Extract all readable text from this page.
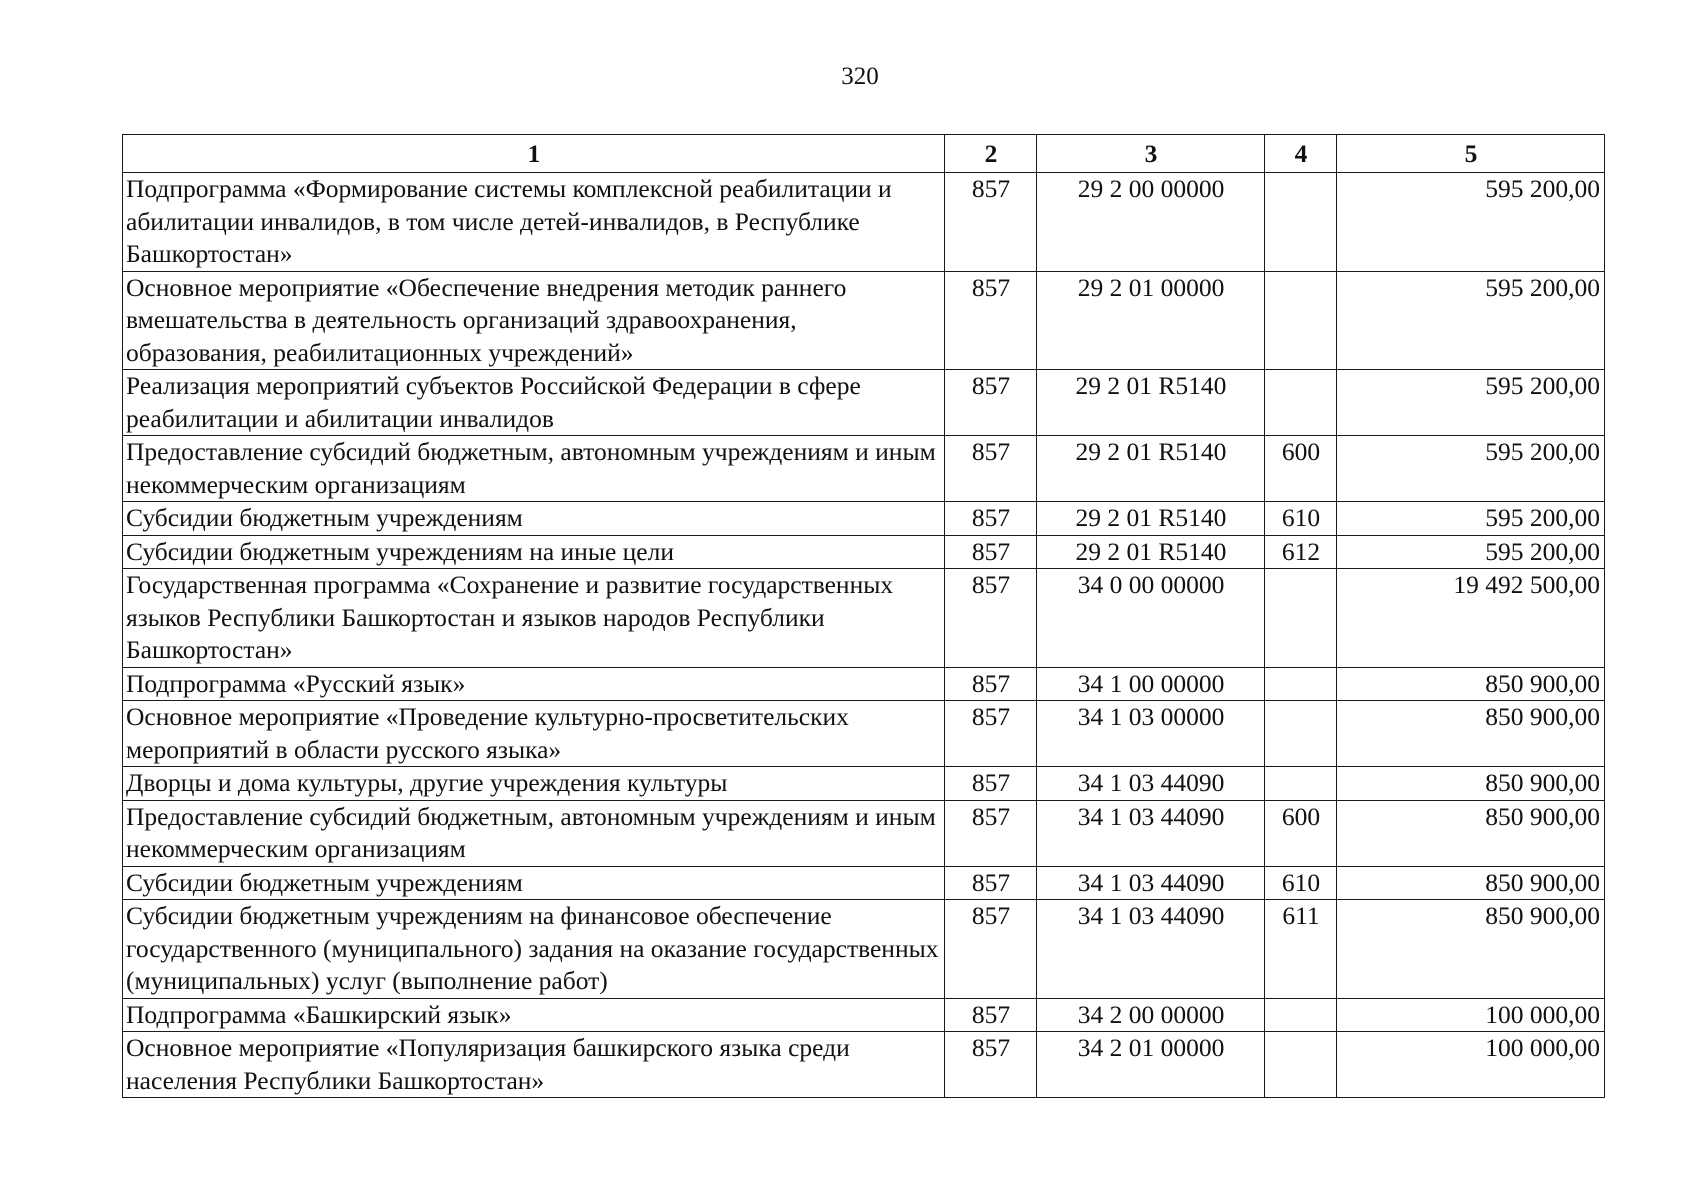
320
1	2	3	4	5
Подпрограмма «Формирование системы комплексной реабилитации и абилитации инвалидов, в том числе детей-инвалидов, в Республике Башкортостан»	857	29 2 00 00000		595 200,00
Основное мероприятие «Обеспечение внедрения методик раннего вмешательства в деятельность организаций здравоохранения, образования, реабилитационных учреждений»	857	29 2 01 00000		595 200,00
Реализация мероприятий субъектов Российской Федерации в сфере реабилитации и абилитации инвалидов	857	29 2 01 R5140		595 200,00
Предоставление субсидий бюджетным, автономным учреждениям и иным некоммерческим организациям	857	29 2 01 R5140	600	595 200,00
Субсидии бюджетным учреждениям	857	29 2 01 R5140	610	595 200,00
Субсидии бюджетным учреждениям на иные цели	857	29 2 01 R5140	612	595 200,00
Государственная программа «Сохранение и развитие государственных языков Республики Башкортостан и языков народов Республики Башкортостан»	857	34 0 00 00000		19 492 500,00
Подпрограмма «Русский язык»	857	34 1 00 00000		850 900,00
Основное мероприятие «Проведение культурно-просветительских мероприятий в области русского языка»	857	34 1 03 00000		850 900,00
Дворцы и дома культуры, другие учреждения культуры	857	34 1 03 44090		850 900,00
Предоставление субсидий бюджетным, автономным учреждениям и иным некоммерческим организациям	857	34 1 03 44090	600	850 900,00
Субсидии бюджетным учреждениям	857	34 1 03 44090	610	850 900,00
Субсидии бюджетным учреждениям на финансовое обеспечение государственного (муниципального) задания на оказание государственных (муниципальных) услуг (выполнение работ)	857	34 1 03 44090	611	850 900,00
Подпрограмма «Башкирский язык»	857	34 2 00 00000		100 000,00
Основное мероприятие «Популяризация башкирского языка среди населения Республики Башкортостан»	857	34 2 01 00000		100 000,00
